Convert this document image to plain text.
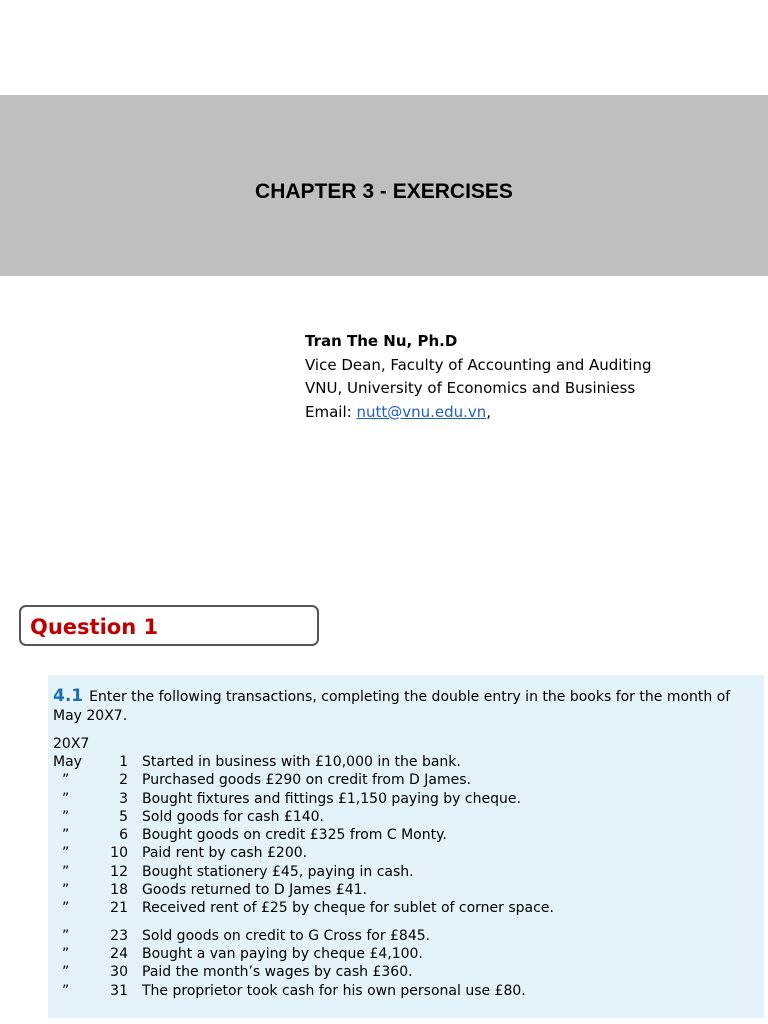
CHAPTER 3 - EXERCISES
Tran The Nu, Ph.D
Vice Dean, Faculty of Accounting and Auditing
VNU, University of Economics and Businiess
Email: nutt@vnu.edu.vn,
Question 1
4.1 Enter the following transactions, completing the double entry in the books for the month of May 20X7.
20X7
May	1 Started in business with £10,000 in the bank.
”	2 Purchased goods £290 on credit from D James.
”	3 Bought fixtures and fittings £1,150 paying by cheque.
”	5 Sold goods for cash £140.
”	6 Bought goods on credit £325 from C Monty.
”	10 Paid rent by cash £200.
”	12 Bought stationery £45, paying in cash.
”	18 Goods returned to D James £41.
”	21 Received rent of £25 by cheque for sublet of corner space.
”	23 Sold goods on credit to G Cross for £845.
”	24 Bought a van paying by cheque £4,100.
”	30 Paid the month’s wages by cash £360.
”	31 The proprietor took cash for his own personal use £80.
